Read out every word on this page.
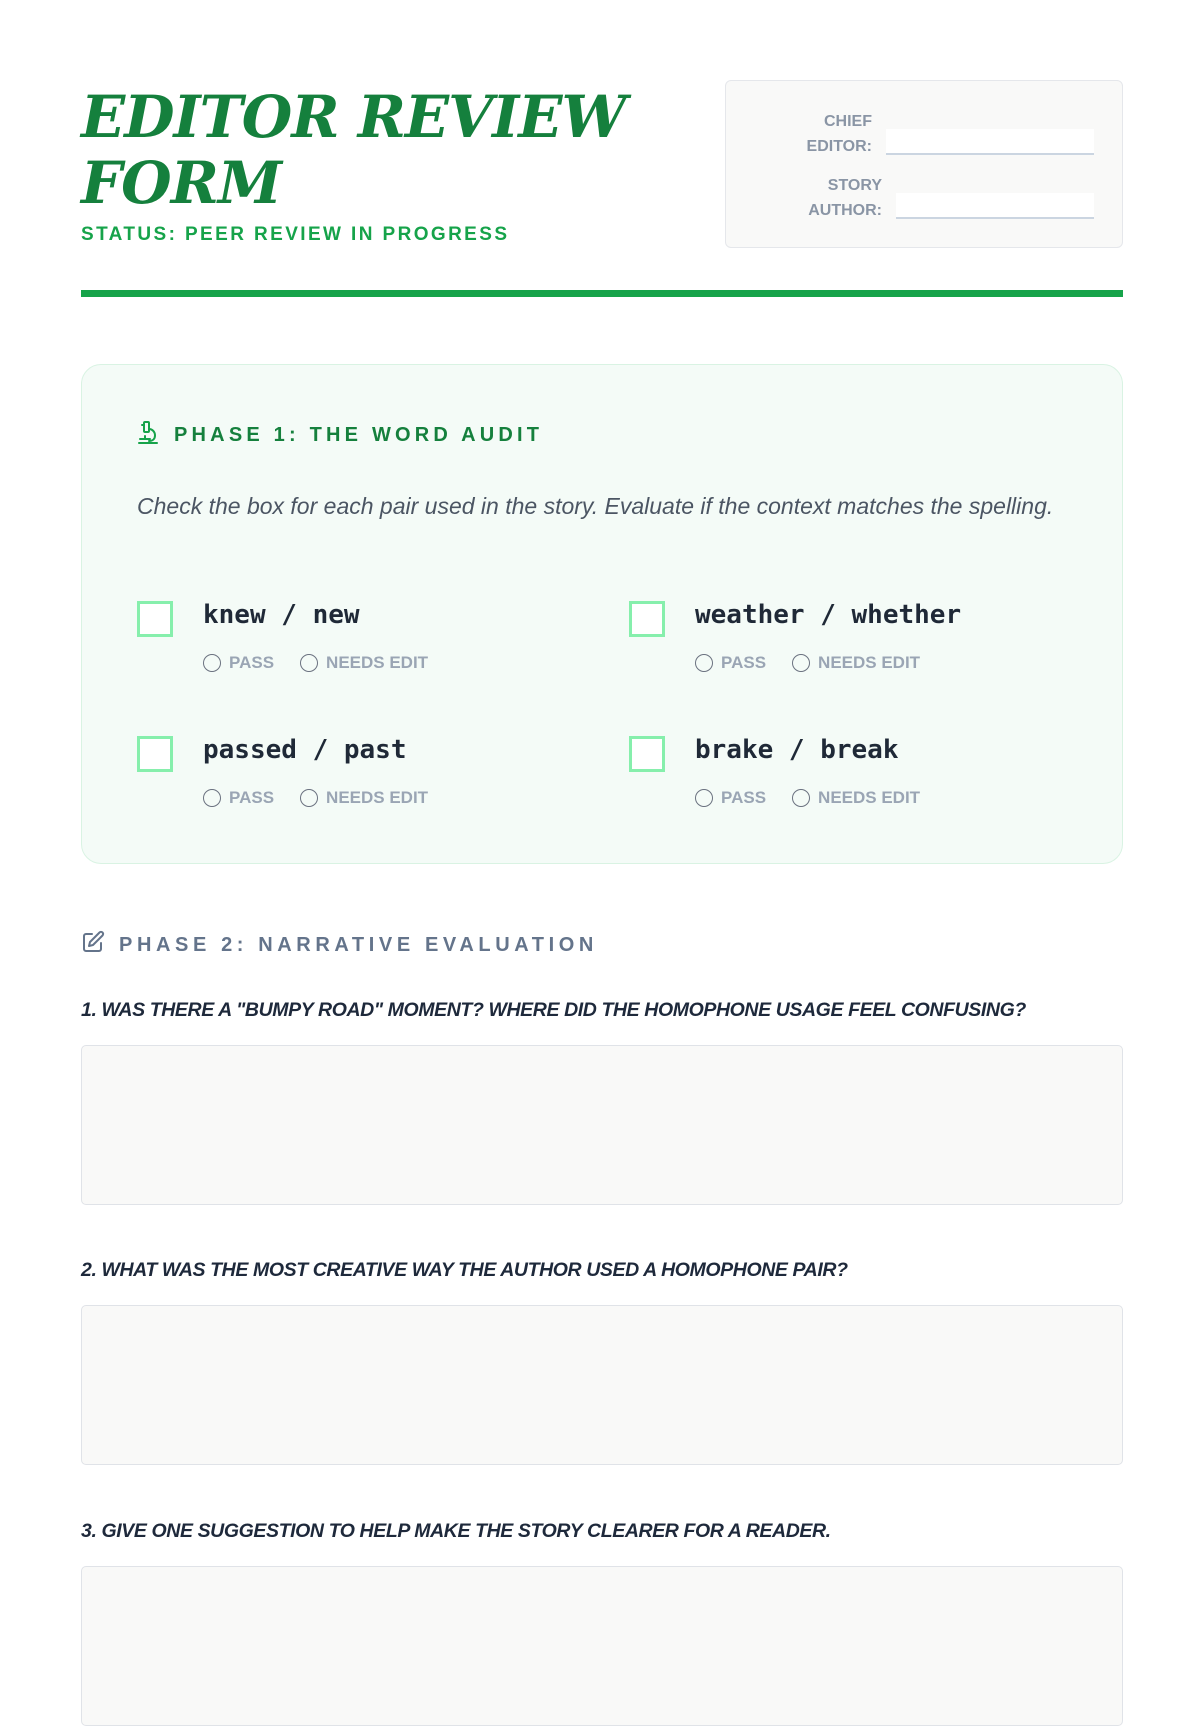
EDITOR REVIEW
FORM
STATUS: PEER REVIEW IN PROGRESS
CHIEF
EDITOR:
STORY
AUTHOR:
PHASE 1: THE WORD AUDIT
Check the box for each pair used in the story. Evaluate if the context matches the spelling.
knew / new
PASS	NEEDS EDIT
weather / whether
PASS	NEEDS EDIT
passed / past
PASS	NEEDS EDIT
brake / break
PASS	NEEDS EDIT
PHASE 2: NARRATIVE EVALUATION
1. WAS THERE A "BUMPY ROAD" MOMENT? WHERE DID THE HOMOPHONE USAGE FEEL CONFUSING?
2. WHAT WAS THE MOST CREATIVE WAY THE AUTHOR USED A HOMOPHONE PAIR?
3. GIVE ONE SUGGESTION TO HELP MAKE THE STORY CLEARER FOR A READER.
